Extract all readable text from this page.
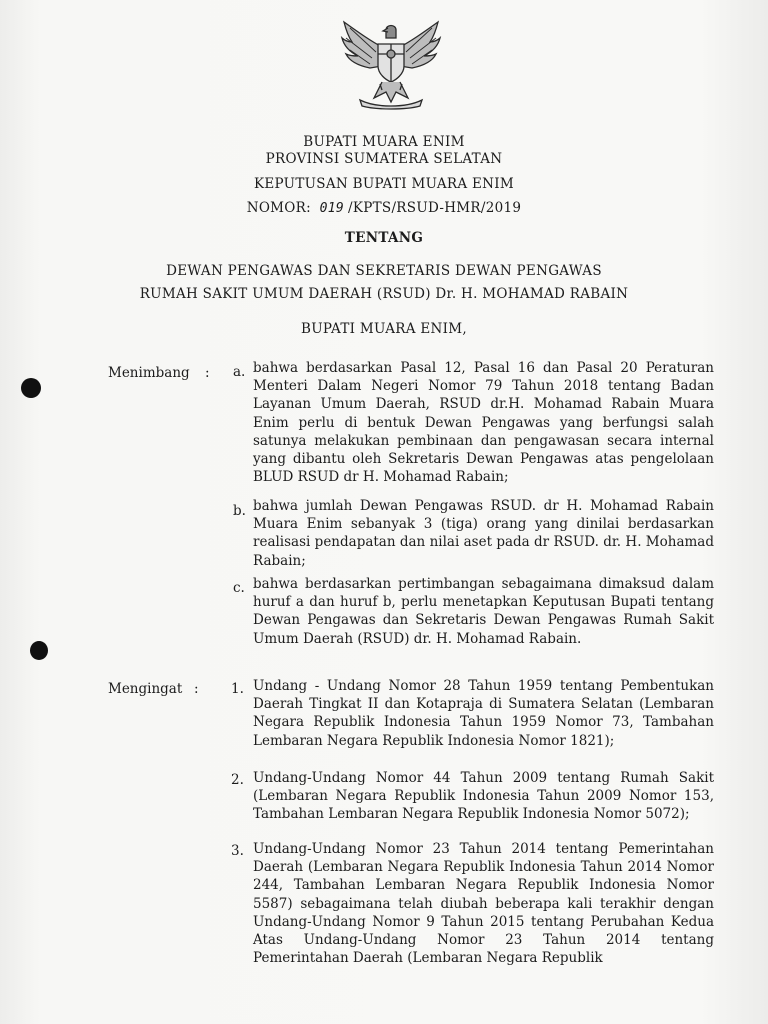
BUPATI MUARA ENIM
PROVINSI SUMATERA SELATAN
KEPUTUSAN BUPATI MUARA ENIM
NOMOR: 019 /KPTS/RSUD-HMR/2019
TENTANG
DEWAN PENGAWAS DAN SEKRETARIS DEWAN PENGAWAS
RUMAH SAKIT UMUM DAERAH (RSUD) Dr. H. MOHAMAD RABAIN
BUPATI MUARA ENIM,
Menimbang : a. bahwa berdasarkan Pasal 12, Pasal 16 dan Pasal 20 Peraturan Menteri Dalam Negeri Nomor 79 Tahun 2018 tentang Badan Layanan Umum Daerah, RSUD dr.H. Mohamad Rabain Muara Enim perlu di bentuk Dewan Pengawas yang berfungsi salah satunya melakukan pembinaan dan pengawasan secara internal yang dibantu oleh Sekretaris Dewan Pengawas atas pengelolaan BLUD RSUD dr H. Mohamad Rabain;
b. bahwa jumlah Dewan Pengawas RSUD. dr H. Mohamad Rabain Muara Enim sebanyak 3 (tiga) orang yang dinilai berdasarkan realisasi pendapatan dan nilai aset pada dr RSUD. dr. H. Mohamad Rabain;
c. bahwa berdasarkan pertimbangan sebagaimana dimaksud dalam huruf a dan huruf b, perlu menetapkan Keputusan Bupati tentang Dewan Pengawas dan Sekretaris Dewan Pengawas Rumah Sakit Umum Daerah (RSUD) dr. H. Mohamad Rabain.
Mengingat : 1. Undang - Undang Nomor 28 Tahun 1959 tentang Pembentukan Daerah Tingkat II dan Kotapraja di Sumatera Selatan (Lembaran Negara Republik Indonesia Tahun 1959 Nomor 73, Tambahan Lembaran Negara Republik Indonesia Nomor 1821);
2. Undang-Undang Nomor 44 Tahun 2009 tentang Rumah Sakit (Lembaran Negara Republik Indonesia Tahun 2009 Nomor 153, Tambahan Lembaran Negara Republik Indonesia Nomor 5072);
3. Undang-Undang Nomor 23 Tahun 2014 tentang Pemerintahan Daerah (Lembaran Negara Republik Indonesia Tahun 2014 Nomor 244, Tambahan Lembaran Negara Republik Indonesia Nomor 5587) sebagaimana telah diubah beberapa kali terakhir dengan Undang-Undang Nomor 9 Tahun 2015 tentang Perubahan Kedua Atas Undang-Undang Nomor 23 Tahun 2014 tentang Pemerintahan Daerah (Lembaran Negara Republik
